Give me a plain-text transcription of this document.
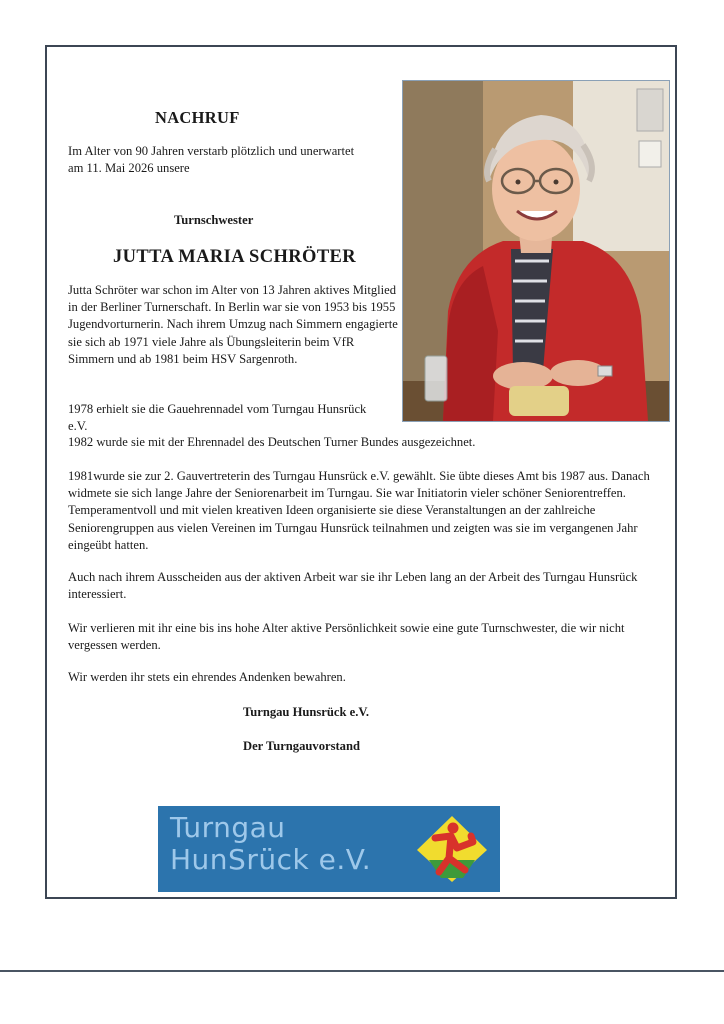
NACHRUF

Im Alter von 90 Jahren verstarb plötzlich und unerwartet am 11. Mai 2026 unsere

Turnschwester
JUTTA MARIA SCHRÖTER

Jutta Schröter war schon im Alter von 13 Jahren aktives Mitglied in der Berliner Turnerschaft. In Berlin war sie von 1953 bis 1955 Jugendvorturnerin. Nach ihrem Umzug nach Simmern engagierte sie sich ab 1971 viele Jahre als Übungsleiterin beim VfR Simmern und ab 1981 beim HSV Sargenroth.

1978 erhielt sie die Gauehrennadel vom Turngau Hunsrück e.V.

1982 wurde sie mit der Ehrennadel des Deutschen Turner Bundes ausgezeichnet.

1981wurde sie zur 2. Gauvertreterin des Turngau Hunsrück e.V. gewählt. Sie übte dieses Amt bis 1987 aus. Danach widmete sie sich lange Jahre der Seniorenarbeit im Turngau. Sie war Initiatorin vieler schöner Seniorentreffen. Temperamentvoll und mit vielen kreativen Ideen organisierte sie diese Veranstaltungen an der zahlreiche Seniorengruppen aus vielen Vereinen im Turngau Hunsrück teilnahmen und zeigten was sie im vergangenen Jahr eingeübt hatten.

Auch nach ihrem Ausscheiden aus der aktiven Arbeit war sie ihr Leben lang an der Arbeit des Turngau Hunsrück interessiert.

Wir verlieren mit ihr eine bis ins hohe Alter aktive Persönlichkeit sowie eine gute Turnschwester, die wir nicht vergessen werden.

Wir werden ihr stets ein ehrendes Andenken bewahren.

Turngau Hunsrück e.V.
Der Turngauvorstand
Turngau
HunSrück e.V.
